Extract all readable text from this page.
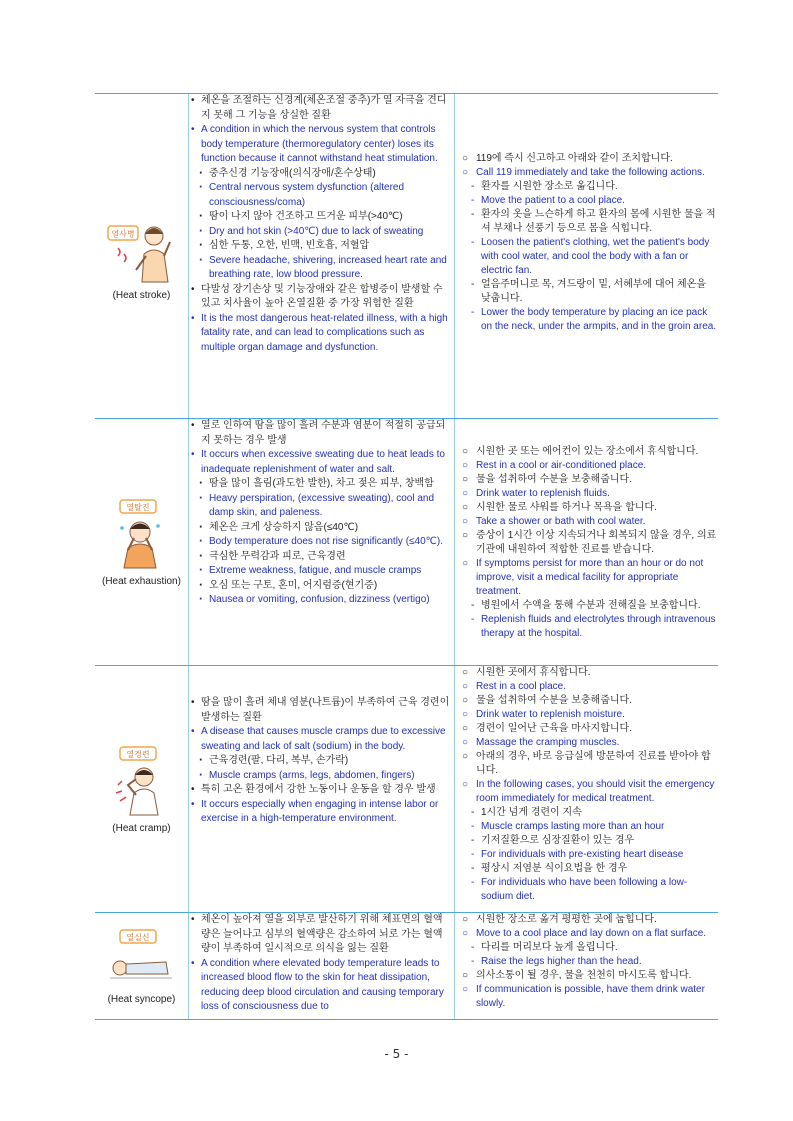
열사병
(Heat stroke)
• 체온을 조절하는 신경계(체온조절 중추)가 열 자극을 견디지 못해 그 기능을 상실한 질환
• A condition in which the nervous system that controls body temperature (thermoregulatory center) loses its function because it cannot withstand heat stimulation.
‧ 중추신경 기능장애(의식장애/혼수상태)
‧ Central nervous system dysfunction (altered consciousness/coma)
‧ 땀이 나지 않아 건조하고 뜨거운 피부(>40℃)
‧ Dry and hot skin (>40℃) due to lack of sweating
‧ 심한 두통, 오한, 빈맥, 빈호흡, 저혈압
‧ Severe headache, shivering, increased heart rate and breathing rate, low blood pressure.
• 다발성 장기손상 및 기능장애와 같은 합병증이 발생할 수 있고 치사율이 높아 온열질환 중 가장 위험한 질환
• It is the most dangerous heat-related illness, with a high fatality rate, and can lead to complications such as multiple organ damage and dysfunction.
○ 119에 즉시 신고하고 아래와 같이 조치합니다.
○ Call 119 immediately and take the following actions.
- 환자를 시원한 장소로 옮깁니다.
- Move the patient to a cool place.
- 환자의 옷을 느슨하게 하고 환자의 몸에 시원한 물을 적셔 부채나 선풍기 등으로 몸을 식힙니다.
- Loosen the patient's clothing, wet the patient's body with cool water, and cool the body with a fan or electric fan.
- 얼음주머니로 목, 겨드랑이 밑, 서혜부에 대어 체온을 낮춥니다.
- Lower the body temperature by placing an ice pack on the neck, under the armpits, and in the groin area.
열탈진
(Heat exhaustion)
• 열로 인하여 땀을 많이 흘려 수분과 염분이 적절히 공급되지 못하는 경우 발생
• It occurs when excessive sweating due to heat leads to inadequate replenishment of water and salt.
‧ 땀을 많이 흘림(과도한 발한), 차고 젖은 피부, 창백함
‧ Heavy perspiration, (excessive sweating), cool and damp skin, and paleness.
‧ 체온은 크게 상승하지 않음(≤40℃)
‧ Body temperature does not rise significantly (≤40℃).
‧ 극심한 무력감과 피로, 근육경련
‧ Extreme weakness, fatigue, and muscle cramps
‧ 오심 또는 구토, 혼미, 어지럼증(현기증)
‧ Nausea or vomiting, confusion, dizziness (vertigo)
○ 시원한 곳 또는 에어컨이 있는 장소에서 휴식합니다.
○ Rest in a cool or air-conditioned place.
○ 물을 섭취하여 수분을 보충해줍니다.
○ Drink water to replenish fluids.
○ 시원한 물로 샤워를 하거나 목욕을 합니다.
○ Take a shower or bath with cool water.
○ 증상이 1시간 이상 지속되거나 회복되지 않을 경우, 의료기관에 내원하여 적합한 진료를 받습니다.
○ If symptoms persist for more than an hour or do not improve, visit a medical facility for appropriate treatment.
- 병원에서 수액을 통해 수분과 전해질을 보충합니다.
- Replenish fluids and electrolytes through intravenous therapy at the hospital.
열경련
(Heat cramp)
• 땀을 많이 흘려 체내 염분(나트륨)이 부족하여 근육 경련이 발생하는 질환
• A disease that causes muscle cramps due to excessive sweating and lack of salt (sodium) in the body.
‧ 근육경련(팔, 다리, 복부, 손가락)
‧ Muscle cramps (arms, legs, abdomen, fingers)
• 특히 고온 환경에서 강한 노동이나 운동을 할 경우 발생
• It occurs especially when engaging in intense labor or exercise in a high-temperature environment.
○ 시원한 곳에서 휴식합니다.
○ Rest in a cool place.
○ 물을 섭취하여 수분을 보충해줍니다.
○ Drink water to replenish moisture.
○ 경련이 일어난 근육을 마사지합니다.
○ Massage the cramping muscles.
○ 아래의 경우, 바로 응급실에 방문하여 진료를 받아야 합니다.
○ In the following cases, you should visit the emergency room immediately for medical treatment.
- 1시간 넘게 경련이 지속
- Muscle cramps lasting more than an hour
- 기저질환으로 심장질환이 있는 경우
- For individuals with pre-existing heart disease
- 평상시 저염분 식이요법을 한 경우
- For individuals who have been following a low-sodium diet.
열실신
(Heat syncope)
• 체온이 높아져 열을 외부로 발산하기 위해 체표면의 혈액량은 늘어나고 심부의 혈액량은 감소하여 뇌로 가는 혈액량이 부족하여 일시적으로 의식을 잃는 질환
• A condition where elevated body temperature leads to increased blood flow to the skin for heat dissipation, reducing deep blood circulation and causing temporary loss of consciousness due to
○ 시원한 장소로 옮겨 평평한 곳에 눕힙니다.
○ Move to a cool place and lay down on a flat surface.
- 다리를 머리보다 높게 올립니다.
- Raise the legs higher than the head.
○ 의사소통이 될 경우, 물을 천천히 마시도록 합니다.
○ If communication is possible, have them drink water slowly.
- 5 -
